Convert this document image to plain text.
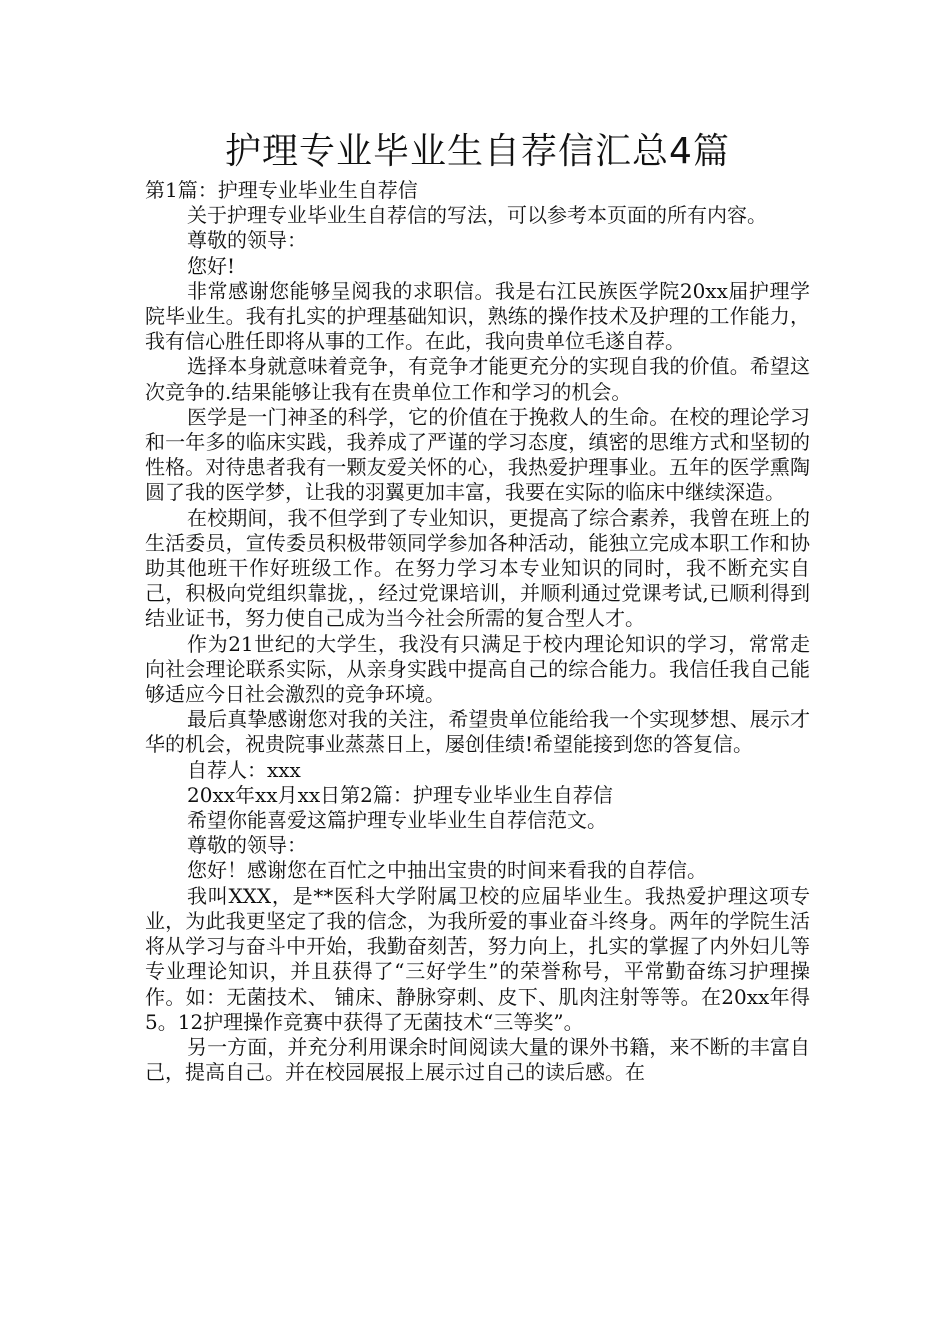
护理专业毕业生自荐信汇总4篇

第1篇：护理专业毕业生自荐信

关于护理专业毕业生自荐信的写法，可以参考本页面的所有内容。

尊敬的领导：

您好!

非常感谢您能够呈阅我的求职信。我是右江民族医学院20xx届护理学院毕业生。我有扎实的护理基础知识，熟练的操作技术及护理的工作能力，我有信心胜任即将从事的工作。在此，我向贵单位毛遂自荐。

选择本身就意味着竞争，有竞争才能更充分的实现自我的价值。希望这次竞争的.结果能够让我有在贵单位工作和学习的机会。

医学是一门神圣的科学，它的价值在于挽救人的生命。在校的理论学习和一年多的临床实践，我养成了严谨的学习态度，缜密的思维方式和坚韧的性格。对待患者我有一颗友爱关怀的心，我热爱护理事业。五年的医学熏陶圆了我的医学梦，让我的羽翼更加丰富，我要在实际的临床中继续深造。

在校期间，我不但学到了专业知识，更提高了综合素养，我曾在班上的生活委员，宣传委员积极带领同学参加各种活动，能独立完成本职工作和协助其他班干作好班级工作。在努力学习本专业知识的同时，我不断充实自己，积极向党组织靠拢，，经过党课培训，并顺利通过党课考试,已顺利得到结业证书，努力使自己成为当今社会所需的复合型人才。

作为21世纪的大学生，我没有只满足于校内理论知识的学习，常常走向社会理论联系实际，从亲身实践中提高自己的综合能力。我信任我自己能够适应今日社会激烈的竞争环境。

最后真挚感谢您对我的关注，希望贵单位能给我一个实现梦想、展示才华的机会，祝贵院事业蒸蒸日上，屡创佳绩!希望能接到您的答复信。

自荐人：xxx

20xx年xx月xx日第2篇：护理专业毕业生自荐信

希望你能喜爱这篇护理专业毕业生自荐信范文。

尊敬的领导：

您好！感谢您在百忙之中抽出宝贵的时间来看我的自荐信。

我叫XXX，是**医科大学附属卫校的应届毕业生。我热爱护理这项专业，为此我更坚定了我的信念，为我所爱的事业奋斗终身。两年的学院生活将从学习与奋斗中开始，我勤奋刻苦，努力向上，扎实的掌握了内外妇儿等专业理论知识，并且获得了“三好学生”的荣誉称号，平常勤奋练习护理操作。如：无菌技术、 铺床、静脉穿刺、皮下、肌肉注射等等。在20xx年得5。12护理操作竞赛中获得了无菌技术“三等奖”。

另一方面，并充分利用课余时间阅读大量的课外书籍，来不断的丰富自己，提高自己。并在校园展报上展示过自己的读后感。在
